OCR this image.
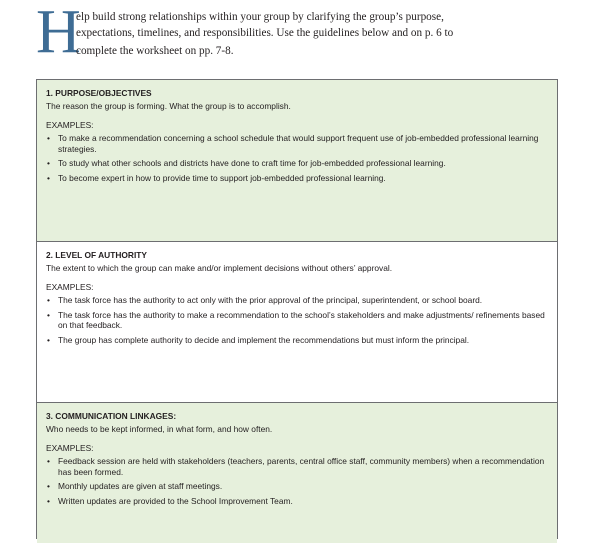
H
elp build strong relationships within your group by clarifying the group’s purpose,
expectations, timelines, and responsibilities. Use the guidelines below and on p. 6 to
complete the worksheet on pp. 7-8.

1. PURPOSE/OBJECTIVES

The reason the group is forming. What the group is to accomplish.

EXAMPLES:

• To make a recommendation concerning a school schedule that would support frequent use of job-embedded professional learning strategies.
• To study what other schools and districts have done to craft time for job-embedded professional learning.
• To become expert in how to provide time to support job-embedded professional learning.

2. LEVEL OF AUTHORITY

The extent to which the group can make and/or implement decisions without others’ approval.

EXAMPLES:

• The task force has the authority to act only with the prior approval of the principal, superintendent, or school board.
• The task force has the authority to make a recommendation to the school’s stakeholders and make adjustments/ refinements based on that feedback.
• The group has complete authority to decide and implement the recommendations but must inform the principal.

3. COMMUNICATION LINKAGES:

Who needs to be kept informed, in what form, and how often.

EXAMPLES:

• Feedback session are held with stakeholders (teachers, parents, central office staff, community members) when a recommendation has been formed.
• Monthly updates are given at staff meetings.
• Written updates are provided to the School Improvement Team.
